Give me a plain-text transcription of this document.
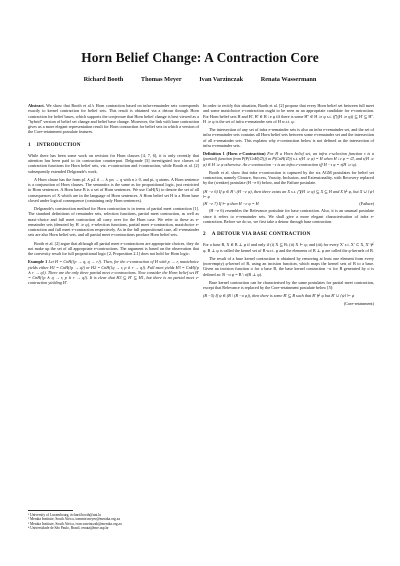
Horn Belief Change: A Contraction Core
Richard Booth	Thomas Meyer	Ivan Varzinczak	Renata Wassermann

Abstract. We show that Booth et al.'s Horn contraction based on infra-remainder sets corresponds exactly to kernel contraction for belief sets. This result is obtained via a detour through Horn contraction for belief bases, which supports the conjecture that Horn belief change is best viewed as a "hybrid" version of belief set change and belief base change. Moreover, the link with base contraction gives us a more elegant representation result for Horn contraction for belief sets in which a version of the Core-retainment postulate features.

1 INTRODUCTION

While there has been some work on revision for Horn clauses [4, 7, 6], it is only recently that attention has been paid to its contraction counterpart. Delgrande [3] investigated two classes of contraction functions for Horn belief sets, viz. e-contraction and i-contraction, while Booth et al. [2] subsequently extended Delgrande's work.

A Horn clause has the form p1 ∧ p2 ∧ ... ∧ pn → q with n ≥ 0, and pi, q atoms. A Horn sentence is a conjunction of Horn clauses. The semantics is the same as for propositional logic, just restricted to Horn sentences. A Horn base B is a set of Horn sentences. We use CnH(X) to denote the set of all consequences of X which are in the language of Horn sentences. A Horn belief set H is a Horn base closed under logical consequence (containing only Horn sentences).

Delgrande's construction method for Horn contraction is in terms of partial meet contraction [1]. The standard definitions of remainder sets, selection functions, partial meet contraction, as well as maxi-choice and full meet contraction all carry over for the Horn case. We refer to these as e-remainder sets (denoted by H ↓e φ), e-selection functions, partial meet e-contraction, maxichoice e-contraction and full meet e-contraction respectively. As in the full propositional case, all e-remainder sets are also Horn belief sets, and all partial meet e-contractions produce Horn belief sets.

Booth et al. [2] argue that although all partial meet e-contractions are appropriate choices, they do not make up the set of all appropriate e-contractions. The argument is based on the observation that the convexity result for full propositional logic [2, Proposition 2.1] does not hold for Horn logic:

Example 1 Let H = CnH({p → q, q → r}). Then, for the e-contraction of H with p → r, maxichoice yields either H1 = CnH({p → q}) or H2 = CnH({q → r, p ∧ r → q}). Full meet yields H3 = CnH({p ∧ r → q}). There are the only three partial meet e-contractions. Now consider the Horn belief set H' = CnH({p ∧ q → r, p ∧ r → q}). It is clear that H3 ⊆ H' ⊆ H1, but there is no partial meet e-contraction yielding H'.

In order to rectify this situation, Booth et al. [2] propose that every Horn belief set between full meet and some maxichoice e-contraction ought to be seen as an appropriate candidate for e-contraction. For Horn belief sets H and H', H' ∈ H ↓e φ iff there is some H'' ∈ H ↓e φ s.t. (⋂(H ↓e φ)) ⊆ H' ⊆ H''. H ↓e φ is the set of infra e-remainder sets of H w.r.t. φ.

The intersection of any set of infra e-remainder sets is also an infra e-remainder set, and the set of infra e-remainder sets contains all Horn belief sets between some e-remainder set and the intersection of all e-remainder sets. This explains why e-contraction below is not defined as the intersection of infra e-remainder sets.

Definition 1 (Horn e-Contraction) For H a Horn belief set, an infra e-selection function τ is a (partial) function from P(P(CnH(∅))) to P(CnH(∅)) s.t. τ(H ↓e φ) = H when H ↓e φ = ∅, and τ(H ↓e φ) ∈ H ↓e φ otherwise. An e-contraction −τ is an infra e-contraction iff H −τ φ = τ(H ↓e φ).

Booth et al. show that infra e-contraction is captured by the six AGM postulates for belief set contraction, namely Closure, Success, Vacuity, Inclusion, and Extensionality, with Recovery replaced by the (weaker) postulate (H −e 6) below, and the Failure postulate.

(H −e 6) If φ ∈ H \ (H −e φ), then there exists an X s.t. ⋂(H ↓e φ) ⊆ X ⊆ H and X ⊬ φ, but X ∪ {ψ} ⊢ φ
(H −e 7) If ⊢ φ then H −e φ = H	(Failure)

(H −e 6) resembles the Relevance postulate for base contraction. Also, it is an unusual postulate since it refers to e-remainder sets. We shall give a more elegant characterisation of infra e-contraction. Before we do so, we first take a detour through base contraction.

2 A DETOUR VIA BASE CONTRACTION

For a base B, X ∈ B ⊥ φ if and only if (i) X ⊆ B; (ii) X ⊢ φ; and (iii) for every X' s.t. X' ⊂ X, X' ⊬ φ. B ⊥ φ is called the kernel set of B w.r.t. φ and the elements of B ⊥ φ are called the φ-kernels of B.

The result of a base kernel contraction is obtained by removing at least one element from every (non-empty) φ-kernel of B, using an incision function, which maps the kernel sets of B to a base. Given an incision function σ for a base B, the base kernel contraction −σ for B generated by σ is defined as: B −σ φ = B \ σ(B ⊥ φ).

Base kernel contraction can be characterised by the same postulates for partial meet contraction, except that Relevance is replaced by the Core-retainment postulate below [5]:

(B −5) If ψ ∈ (B \ (B −σ φ)), then there is some B' ⊆ B such that B' ⊬ φ but B' ∪ {ψ} ⊢ φ
(Core-retainment)
¹ University of Luxembourg, richard.booth@uni.lu
² Meraka Institute, South Africa, tommie.meyer@meraka.org.za
³ Meraka Institute, South Africa, ivan.varzinczak@meraka.org.za
⁴ Universidade de São Paulo, Brazil, renata@ime.usp.br
